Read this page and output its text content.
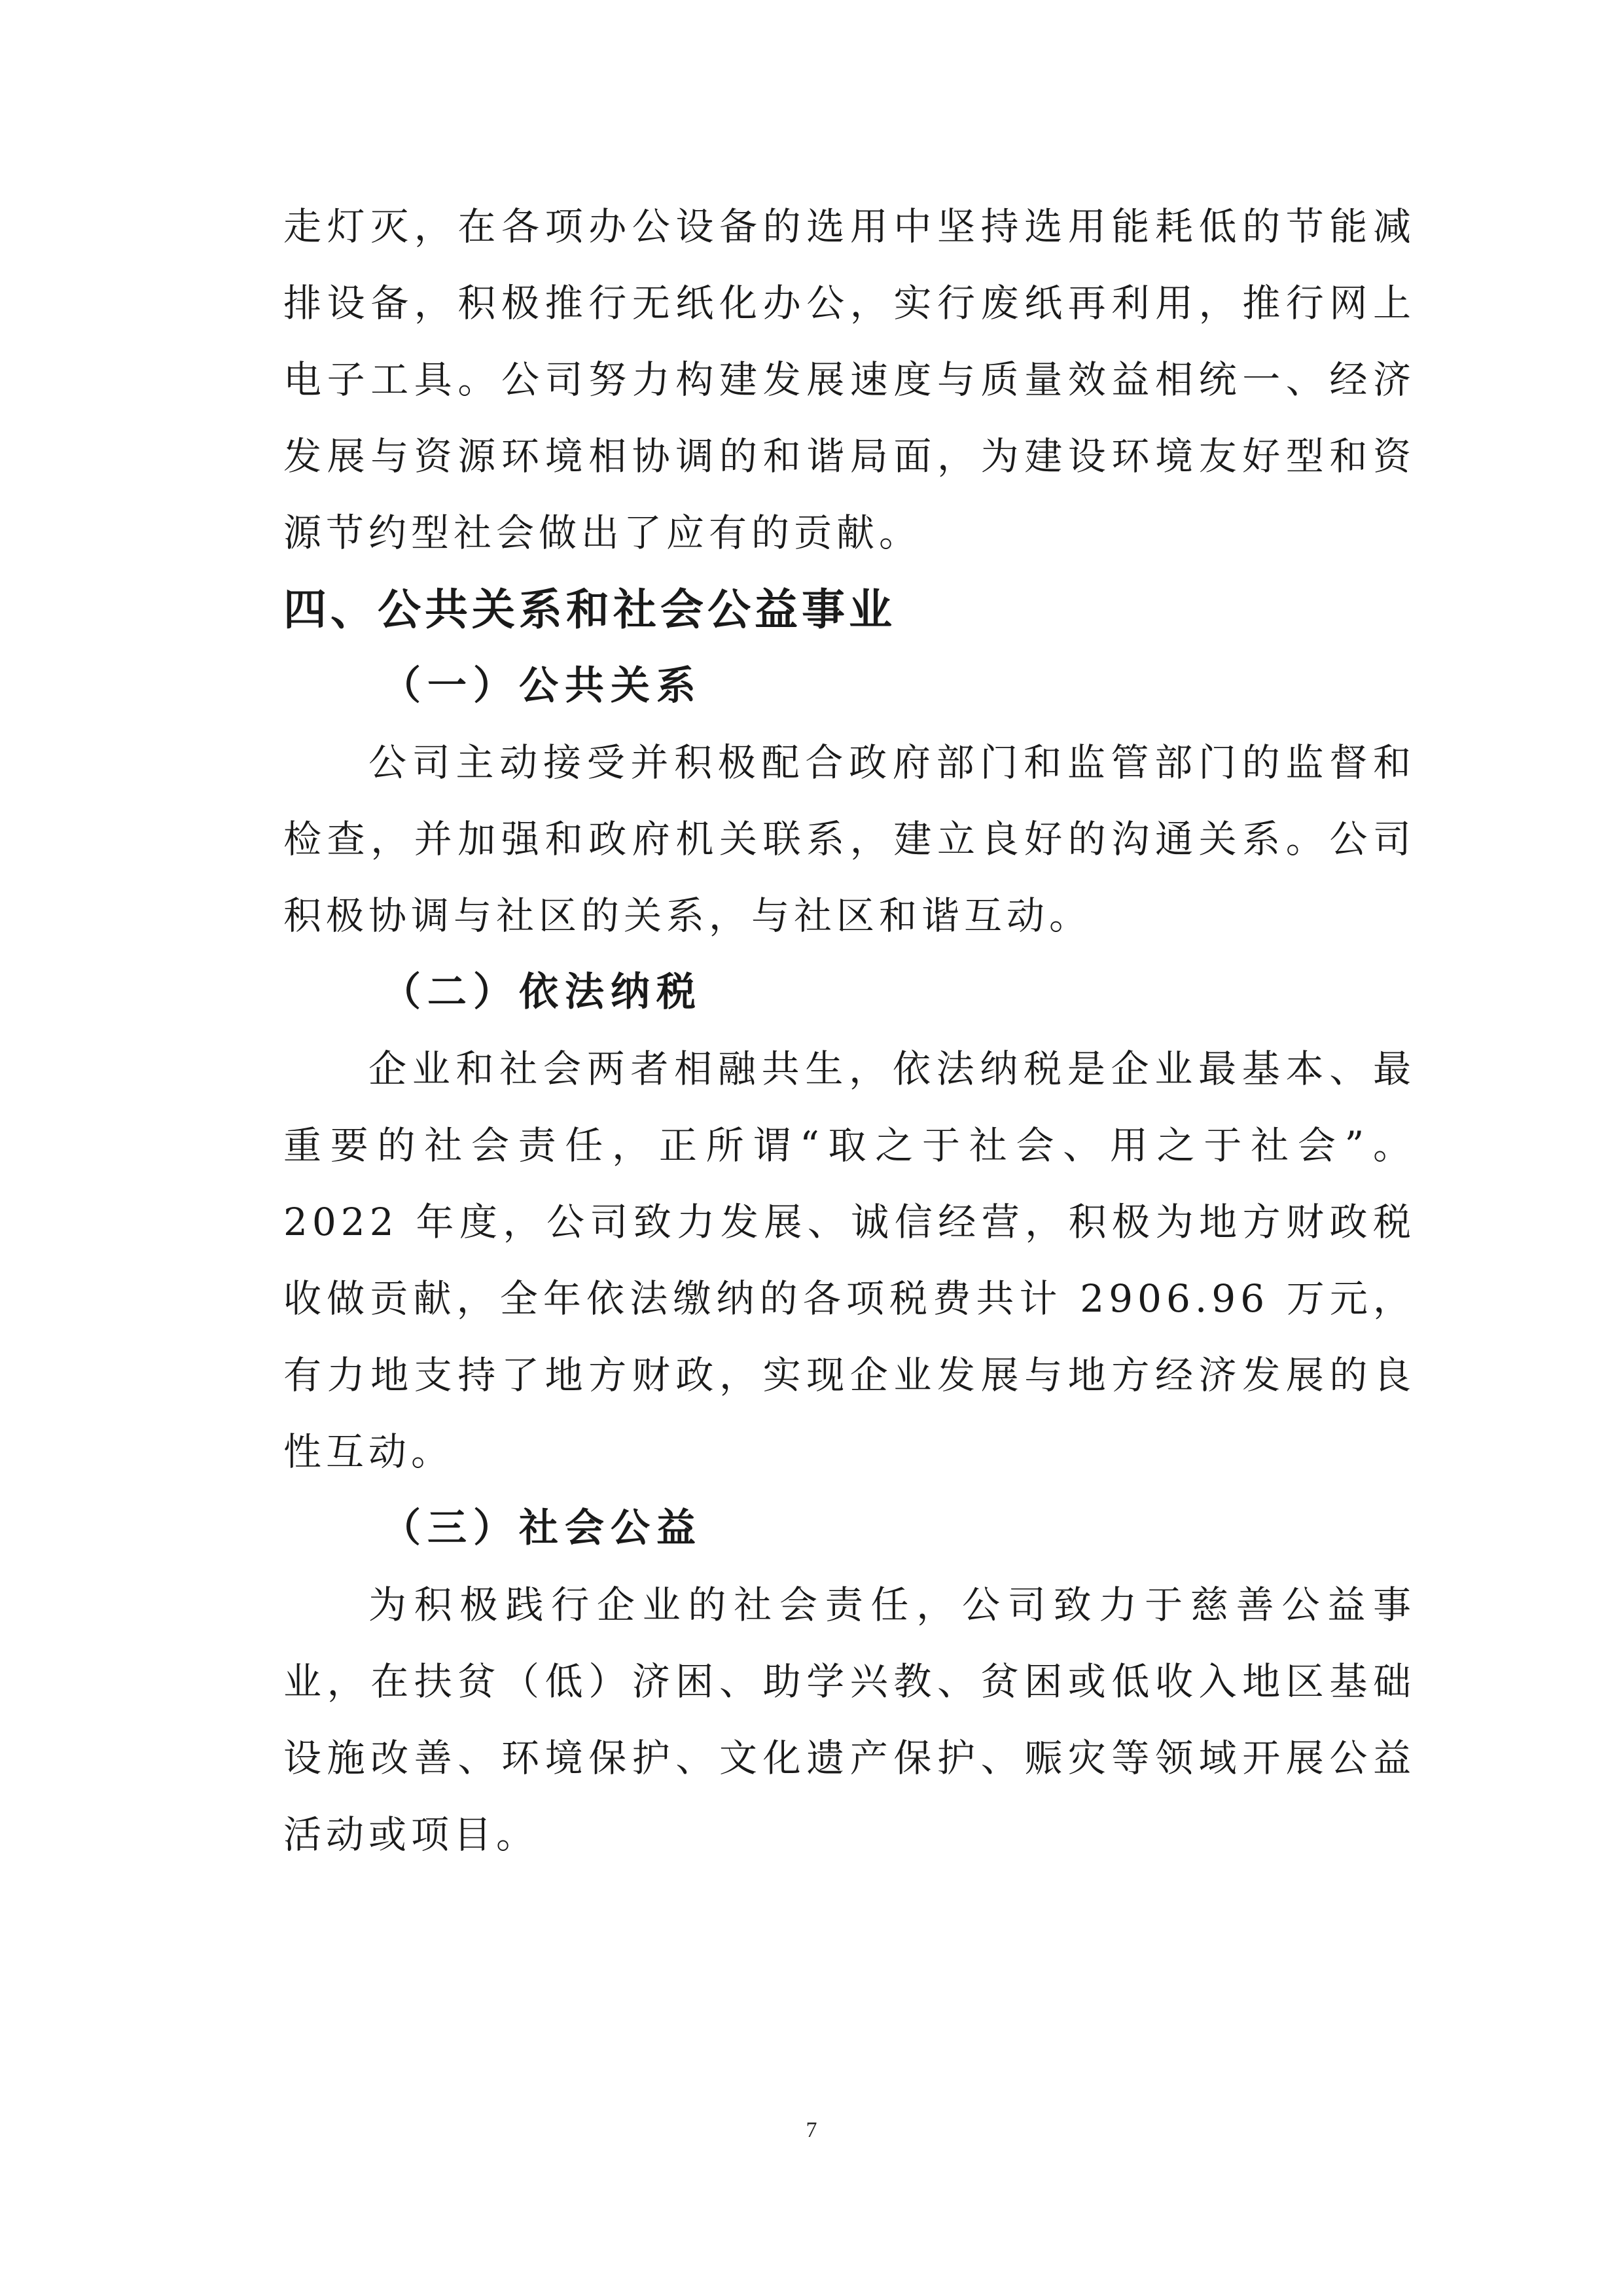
走灯灭，在各项办公设备的选用中坚持选用能耗低的节能减排设备，积极推行无纸化办公，实行废纸再利用，推行网上电子工具。公司努力构建发展速度与质量效益相统一、经济发展与资源环境相协调的和谐局面，为建设环境友好型和资源节约型社会做出了应有的贡献。

四、公共关系和社会公益事业
（一）公共关系

公司主动接受并积极配合政府部门和监管部门的监督和检查，并加强和政府机关联系，建立良好的沟通关系。公司积极协调与社区的关系，与社区和谐互动。

（二）依法纳税

企业和社会两者相融共生，依法纳税是企业最基本、最重要的社会责任，正所谓“取之于社会、用之于社会”。2022 年度，公司致力发展、诚信经营，积极为地方财政税收做贡献，全年依法缴纳的各项税费共计 2906.96 万元，有力地支持了地方财政，实现企业发展与地方经济发展的良性互动。

（三）社会公益

为积极践行企业的社会责任，公司致力于慈善公益事业，在扶贫（低）济困、助学兴教、贫困或低收入地区基础设施改善、环境保护、文化遗产保护、赈灾等领域开展公益活动或项目。

7
